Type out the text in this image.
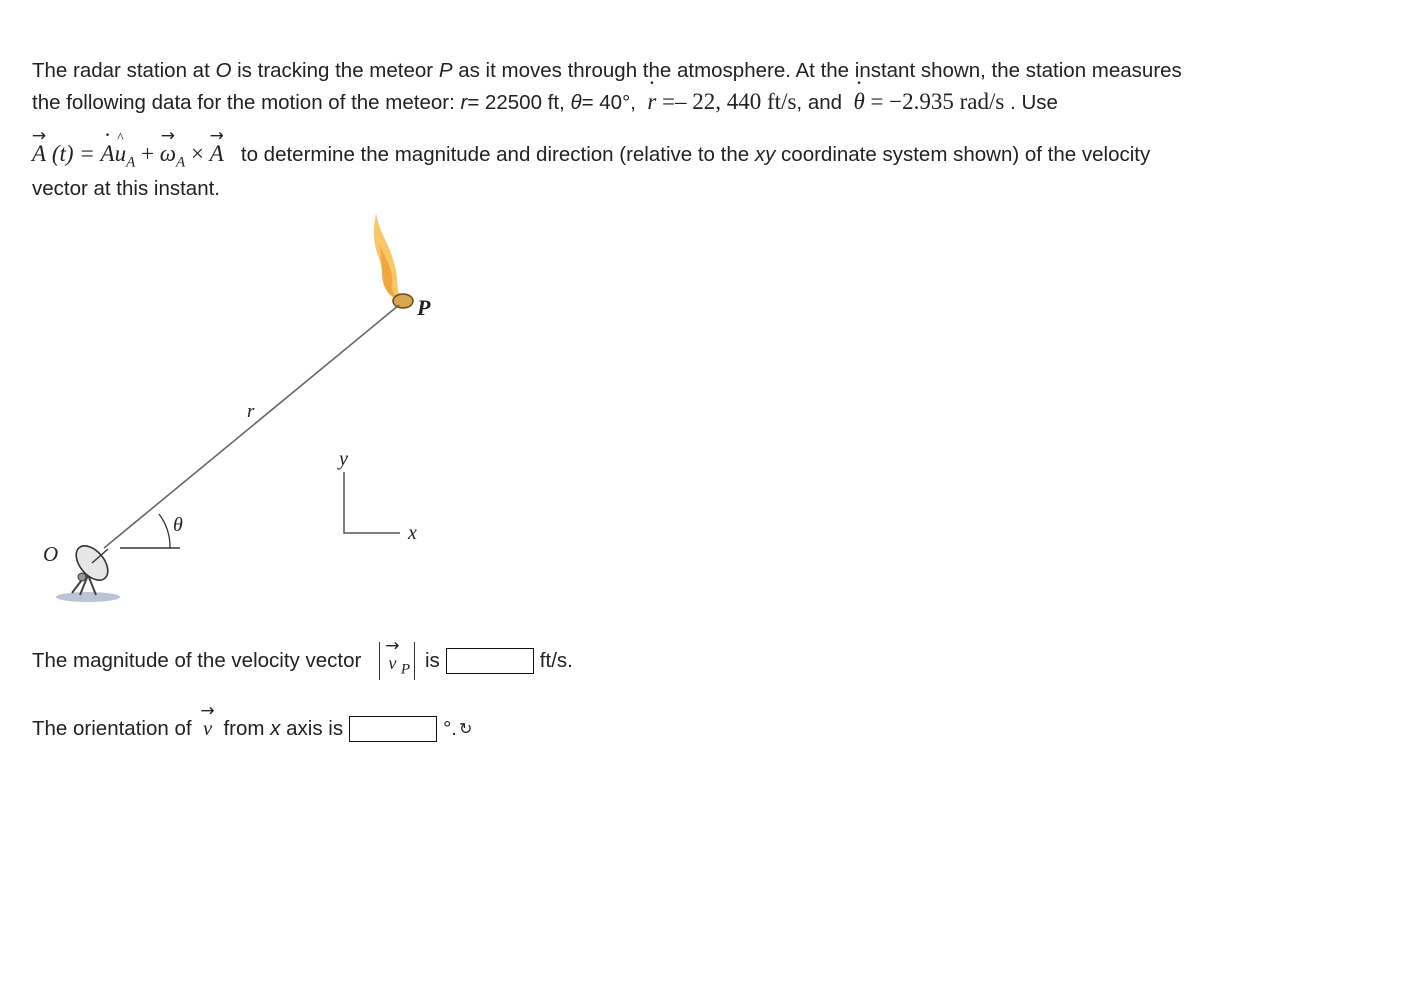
The radar station at O is tracking the meteor P as it moves through the atmosphere. At the instant shown, the station measures
the following data for the motion of the meteor: r= 22500 ft, θ= 40°, · r =– 22, 440 ft/s, and · θ = −2.935 rad/s . Use
→ A (t) = · A^ $u_A$ + → $\omega_A$ × → A to determine the magnitude and direction (relative to the xy coordinate system shown) of the velocity
vector at this instant.
P
r
y
x
θ
O
The magnitude of the velocity vector	→ v $_P$ is	ft/s.
The orientation of
→ v
from
x
axis is	°. ↻
